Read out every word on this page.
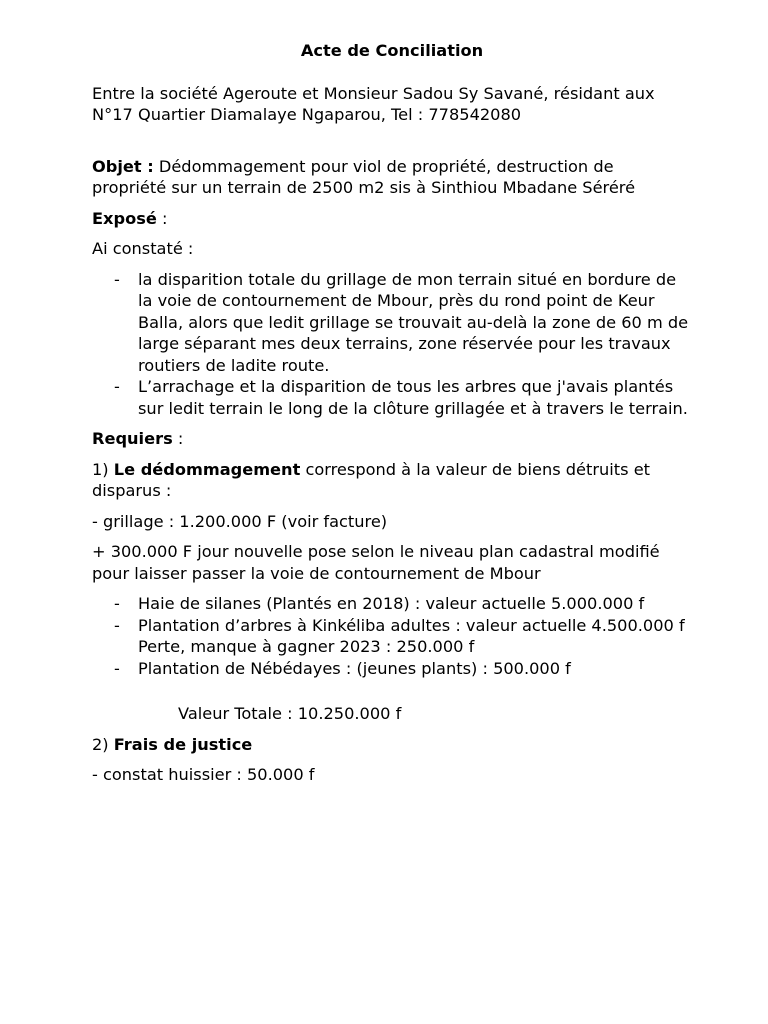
Acte de Conciliation

Entre la société Ageroute et Monsieur Sadou Sy Savané, résidant aux N°17 Quartier Diamalaye Ngaparou, Tel : 778542080

Objet : Dédommagement pour viol de propriété, destruction de propriété sur un terrain de 2500 m2 sis à Sinthiou Mbadane Séréré

Exposé :

Ai constaté :

- la disparition totale du grillage de mon terrain situé en bordure de la voie de contournement de Mbour, près du rond point de Keur Balla, alors que ledit grillage se trouvait au-delà la zone de 60 m de large séparant mes deux terrains, zone réservée pour les travaux routiers de ladite route.
- L’arrachage et la disparition de tous les arbres que j'avais plantés sur ledit terrain le long de la clôture grillagée et à travers le terrain.

Requiers :

1) Le dédommagement correspond à la valeur de biens détruits et disparus :

- grillage : 1.200.000 F (voir facture)

+ 300.000 F jour nouvelle pose selon le niveau plan cadastral modifié pour laisser passer la voie de contournement de Mbour

- Haie de silanes (Plantés en 2018) : valeur actuelle 5.000.000 f
- Plantation d’arbres à Kinkéliba adultes : valeur actuelle 4.500.000 f
Perte, manque à gagner 2023 : 250.000 f
- Plantation de Nébédayes : (jeunes plants) : 500.000 f

Valeur Totale : 10.250.000 f

2) Frais de justice

- constat huissier : 50.000 f
